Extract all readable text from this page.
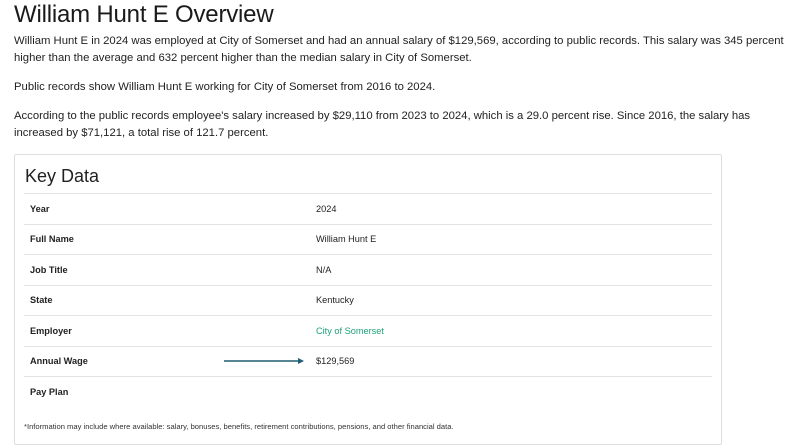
William Hunt E Overview

William Hunt E in 2024 was employed at City of Somerset and had an annual salary of $129,569, according to public records. This salary was 345 percent higher than the average and 632 percent higher than the median salary in City of Somerset.

Public records show William Hunt E working for City of Somerset from 2016 to 2024.

According to the public records employee's salary increased by $29,110 from 2023 to 2024, which is a 29.0 percent rise. Since 2016, the salary has increased by $71,121, a total rise of 121.7 percent.

Key Data
Year		2024
Full Name		William Hunt E
Job Title		N/A
State		Kentucky
Employer		City of Somerset
Annual Wage		$129,569
Pay Plan		

*Information may include where available: salary, bonuses, benefits, retirement contributions, pensions, and other financial data.
